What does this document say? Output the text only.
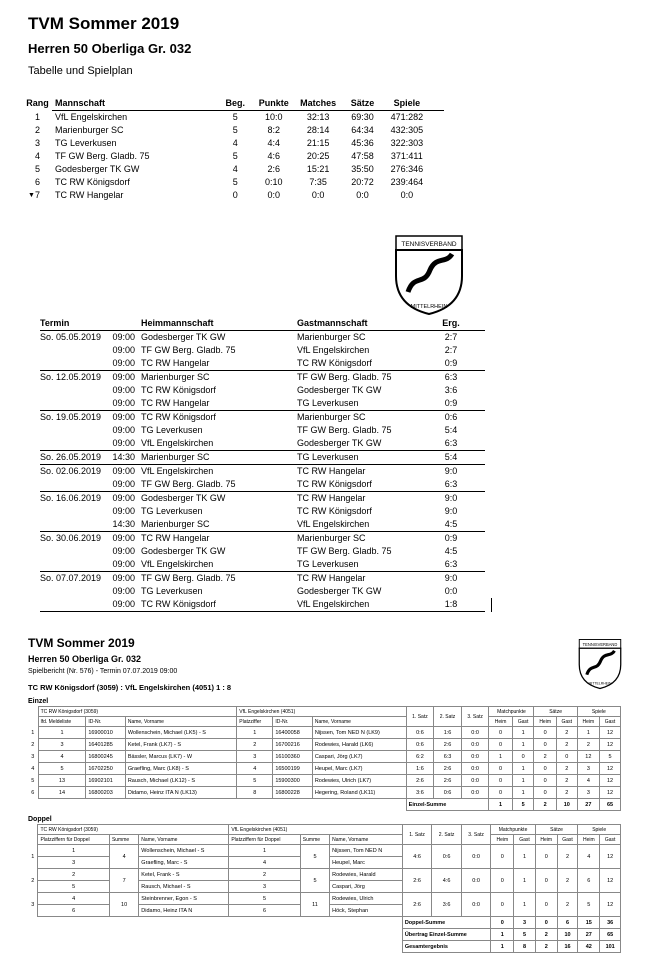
TVM Sommer 2019
Herren 50 Oberliga Gr. 032
Tabelle und Spielplan
Rang Mannschaft	Beg.	Punkte	Matches	Sätze	Spiele
1	VfL Engelskirchen	5	10:0	32:13	69:30	471:282
2	Marienburger SC	5	8:2	28:14	64:34	432:305
3	TG Leverkusen	4	4:4	21:15	45:36	322:303
4	TF GW Berg. Gladb. 75	5	4:6	20:25	47:58	371:411
5	Godesberger TK GW	4	2:6	15:21	35:50	276:346
6	TC RW Königsdorf	5	0:10	7:35	20:72	239:464
▼ 7	TC RW Hangelar	0	0:0	0:0	0:0	0:0
TENNISVERBAND
MITTELRHEIN
Termin	Heimmannschaft	Gastmannschaft	Erg.
So. 05.05.2019	09:00 Godesberger TK GW	Marienburger SC	2:7
09:00 TF GW Berg. Gladb. 75	VfL Engelskirchen	2:7
09:00 TC RW Hangelar	TC RW Königsdorf	0:9
So. 12.05.2019	09:00 Marienburger SC	TF GW Berg. Gladb. 75	6:3
09:00 TC RW Königsdorf	Godesberger TK GW	3:6
09:00 TC RW Hangelar	TG Leverkusen	0:9
So. 19.05.2019	09:00 TC RW Königsdorf	Marienburger SC	0:6
09:00 TG Leverkusen	TF GW Berg. Gladb. 75	5:4
09:00 VfL Engelskirchen	Godesberger TK GW	6:3
So. 26.05.2019	14:30 Marienburger SC	TG Leverkusen	5:4
So. 02.06.2019	09:00 VfL Engelskirchen	TC RW Hangelar	9:0
09:00 TF GW Berg. Gladb. 75	TC RW Königsdorf	6:3
So. 16.06.2019	09:00 Godesberger TK GW	TC RW Hangelar	9:0
09:00 TG Leverkusen	TC RW Königsdorf	9:0
14:30 Marienburger SC	VfL Engelskirchen	4:5
So. 30.06.2019	09:00 TC RW Hangelar	Marienburger SC	0:9
09:00 Godesberger TK GW	TF GW Berg. Gladb. 75	4:5
09:00 VfL Engelskirchen	TG Leverkusen	6:3
So. 07.07.2019	09:00 TF GW Berg. Gladb. 75	TC RW Hangelar	9:0
09:00 TG Leverkusen	Godesberger TK GW	0:0
09:00 TC RW Königsdorf	VfL Engelskirchen	1:8
TVM Sommer 2019
Herren 50 Oberliga Gr. 032
Spielbericht (Nr. 576) - Termin 07.07.2019 09:00
TC RW Königsdorf (3059) : VfL Engelskirchen (4051) 1 : 8
TENNISVERBAND
MITTELRHEIN
Einzel
	TC RW Königsdorf (3059)			VfL Engelskirchen (4051)			1. Satz	2. Satz	3. Satz	Matchpunkte		Sätze		Spiele	
	lfd. Meldeliste	ID-Nr.	Name, Vorname	Platzziffer	ID-Nr.	Name, Vorname				Heim	Gast	Heim	Gast	Heim	Gast
1	1	16900010	Wollenschein, Michael (LK5) - S	1	16400058	Nijssen, Tom NED N (LK9)	0:6	1:6	0:0	0	1	0	2	1	12
2	3	16401285	Ketel, Frank (LK7) - S	2	16700216	Rodewies, Harald (LK6)	0:6	2:6	0:0	0	1	0	2	2	12
3	4	16800245	Bässler, Marcus (LK7) - W	3	16100360	Caspari, Jörg (LK7)	6:2	6:3	0:0	1	0	2	0	12	5
4	5	16702250	Graefling, Marc (LK8) - S	4	16500199	Heupel, Marc (LK7)	1:6	2:6	0:0	0	1	0	2	3	12
5	13	16902101	Rausch, Michael (LK12) - S	5	15900300	Rodewies, Ulrich (LK7)	2:6	2:6	0:0	0	1	0	2	4	12
6	14	16800203	Didamo, Heinz ITA N (LK13)	8	16800228	Hegering, Roland (LK11)	3:6	0:6	0:0	0	1	0	2	3	12
							Einzel-Summe			1	5	2	10	27	65
Doppel
	TC RW Königsdorf (3059)			VfL Engelskirchen (4051)			1. Satz	2. Satz	3. Satz	Matchpunkte		Sätze		Spiele	
	Platzziffern für Doppel	Summe	Name, Vorname	Platzziffern für Doppel	Summe	Name, Vorname				Heim	Gast	Heim	Gast	Heim	Gast
1	1	4	Wollenschein, Michael - S	1	5	Nijssen, Tom NED N	4:6	0:6	0:0	0	1	0	2	4	12
	3		Graefling, Marc - S	4		Heupel, Marc									
2	2	7	Ketel, Frank - S	2	5	Rodewies, Harald	2:6	4:6	0:0	0	1	0	2	6	12
	5		Rausch, Michael - S	3		Caspari, Jörg									
3	4	10	Steinbrenner, Egon - S	5	11	Rodewies, Ulrich	2:6	3:6	0:0	0	1	0	2	5	12
	6		Didamo, Heinz ITA N	6		Höck, Stephan									
							Doppel-Summe			0	3	0	6	15	36
							Übertrag Einzel-Summe			1	5	2	10	27	65
							Gesamtergebnis			1	8	2	16	42	101
